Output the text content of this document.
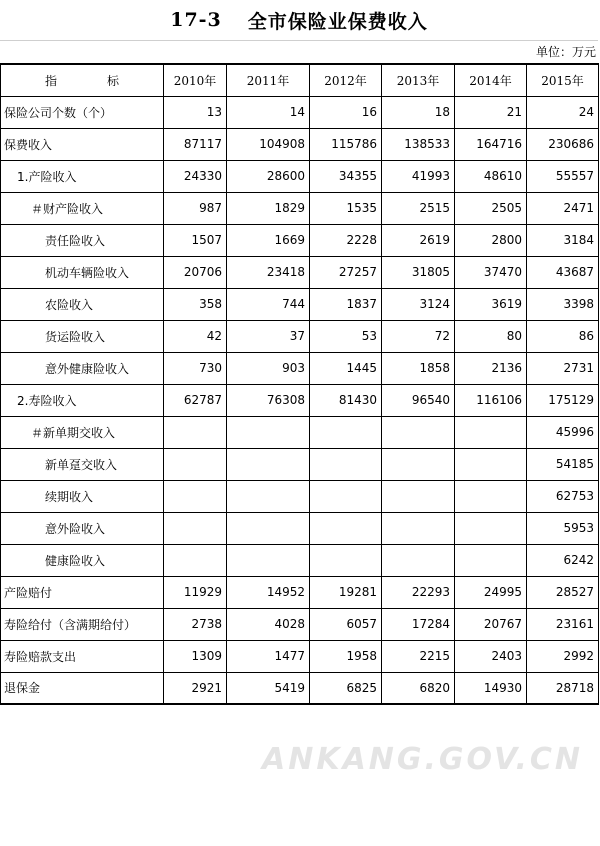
17-3 全市保险业保费收入
单位：万元
指 标	2010年	2011年	2012年	2013年	2014年	2015年
保险公司个数（个）	13	14	16	18	21	24
保费收入	87117	104908	115786	138533	164716	230686
1.产险收入	24330	28600	34355	41993	48610	55557
＃财产险收入	987	1829	1535	2515	2505	2471
责任险收入	1507	1669	2228	2619	2800	3184
机动车辆险收入	20706	23418	27257	31805	37470	43687
农险收入	358	744	1837	3124	3619	3398
货运险收入	42	37	53	72	80	86
意外健康险收入	730	903	1445	1858	2136	2731
2.寿险收入	62787	76308	81430	96540	116106	175129
＃新单期交收入						45996
新单趸交收入						54185
续期收入						62753
意外险收入						5953
健康险收入						6242
产险赔付	11929	14952	19281	22293	24995	28527
寿险给付（含满期给付）	2738	4028	6057	17284	20767	23161
寿险赔款支出	1309	1477	1958	2215	2403	2992
退保金	2921	5419	6825	6820	14930	28718
ANKANG.GOV.CN
